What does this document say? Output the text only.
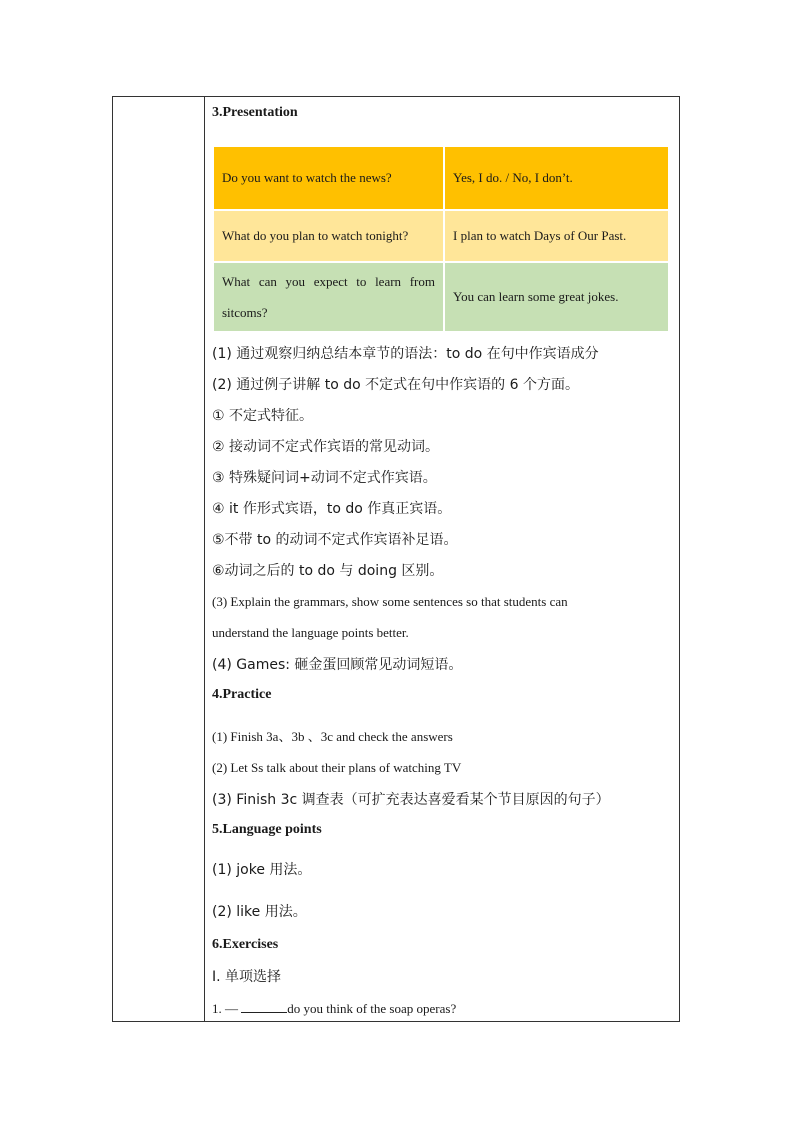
3.Presentation
Do you want to watch the news?	Yes, I do. / No, I don’t.
What do you plan to watch tonight?	I plan to watch Days of Our Past.
What can you expect to learn from sitcoms?	You can learn some great jokes.
(1) 通过观察归纳总结本章节的语法：to do 在句中作宾语成分
(2) 通过例子讲解 to do 不定式在句中作宾语的 6 个方面。
① 不定式特征。
② 接动词不定式作宾语的常见动词。
③ 特殊疑问词+动词不定式作宾语。
④ it 作形式宾语，to do 作真正宾语。
⑤不带 to 的动词不定式作宾语补足语。
⑥动词之后的 to do 与 doing 区别。
(3) Explain the grammars, show some sentences so that students can
understand the language points better.
(4) Games: 砸金蛋回顾常见动词短语。
4.Practice
(1) Finish 3a、3b 、3c and check the answers
(2) Let Ss talk about their plans of watching TV
(3) Finish 3c 调查表（可扩充表达喜爱看某个节目原因的句子）
5.Language points
(1) joke 用法。
(2) like 用法。
6.Exercises
Ⅰ. 单项选择
1. —	do you think of the soap operas?
